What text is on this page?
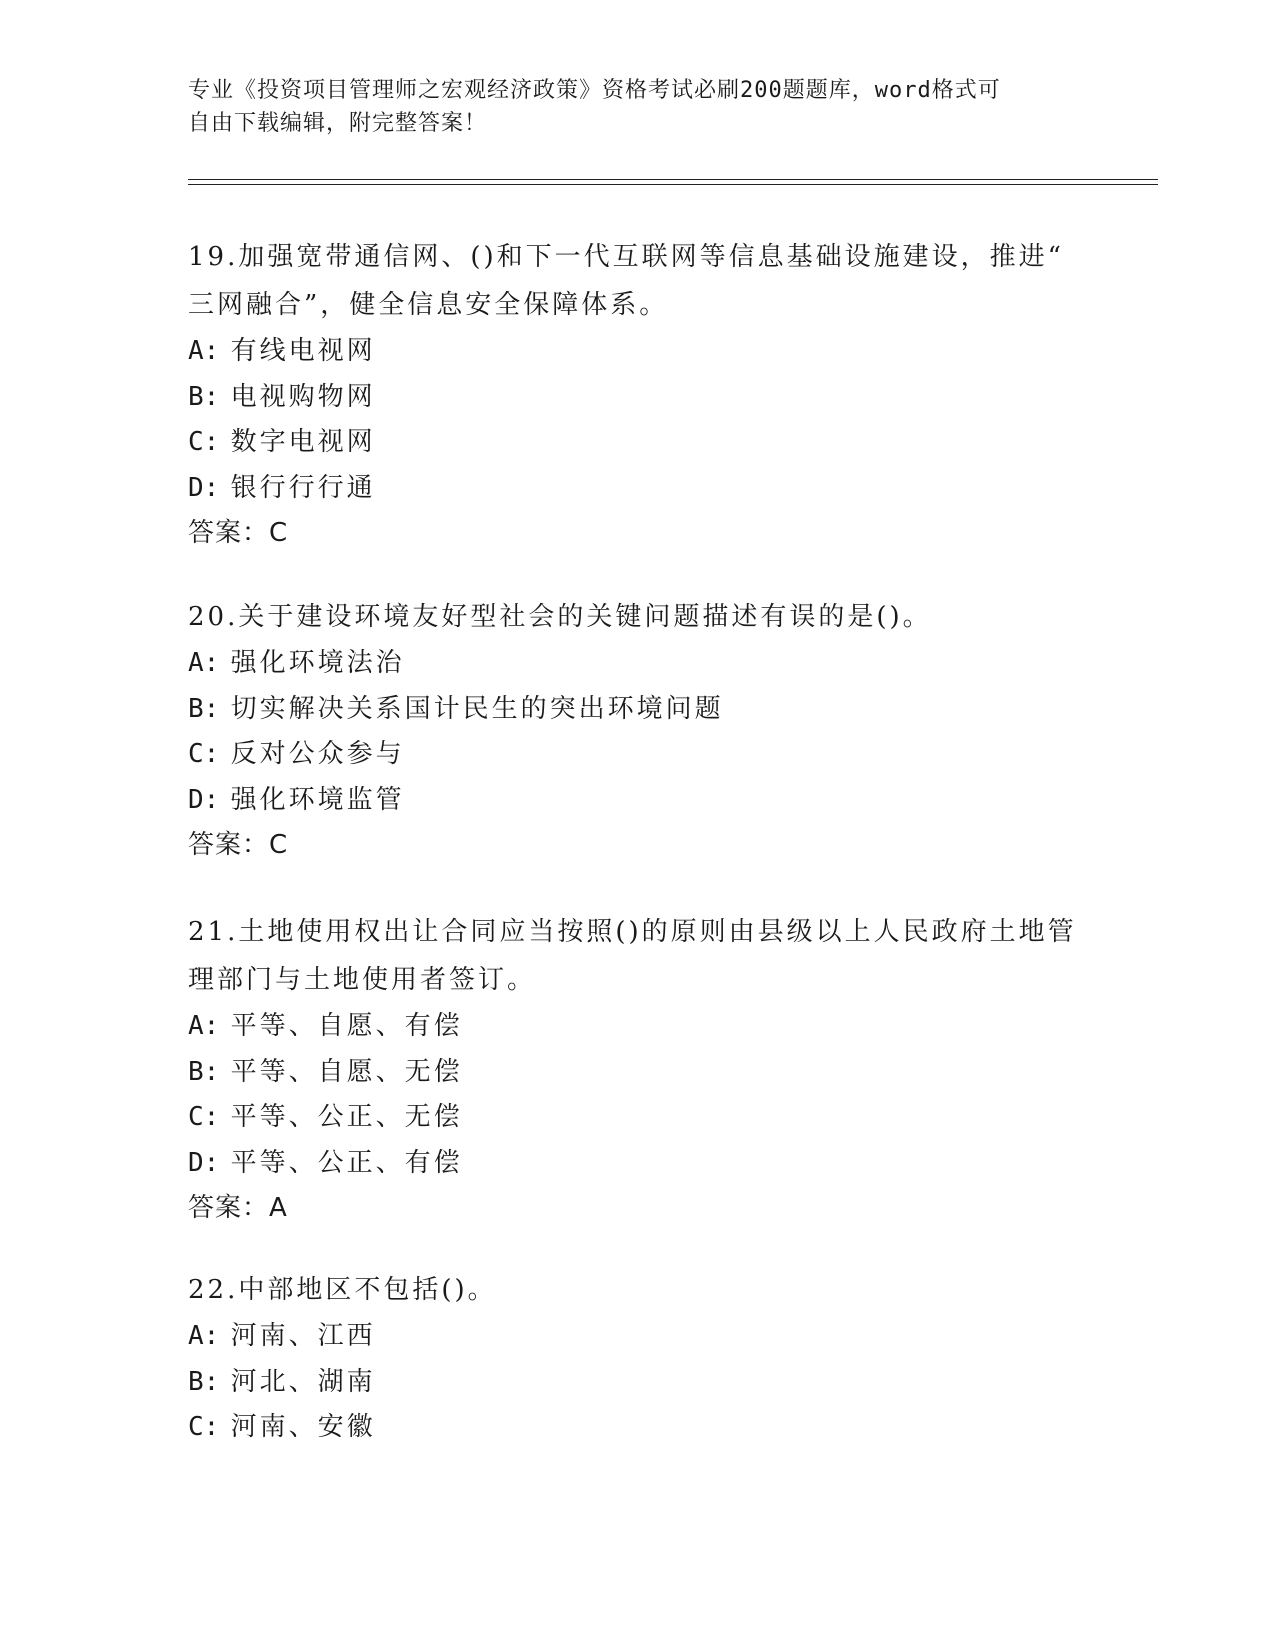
专业《投资项目管理师之宏观经济政策》资格考试必刷200题题库，word格式可
自由下载编辑，附完整答案！

19.加强宽带通信网、()和下一代互联网等信息基础设施建设，推进“

三网融合”，健全信息安全保障体系。

A: 有线电视网

B: 电视购物网

C: 数字电视网

D: 银行行行通

答案：C

20.关于建设环境友好型社会的关键问题描述有误的是()。

A: 强化环境法治

B: 切实解决关系国计民生的突出环境问题

C: 反对公众参与

D: 强化环境监管

答案：C

21.土地使用权出让合同应当按照()的原则由县级以上人民政府土地管

理部门与土地使用者签订。

A: 平等、自愿、有偿

B: 平等、自愿、无偿

C: 平等、公正、无偿

D: 平等、公正、有偿

答案：A

22.中部地区不包括()。

A: 河南、江西

B: 河北、湖南

C: 河南、安徽
